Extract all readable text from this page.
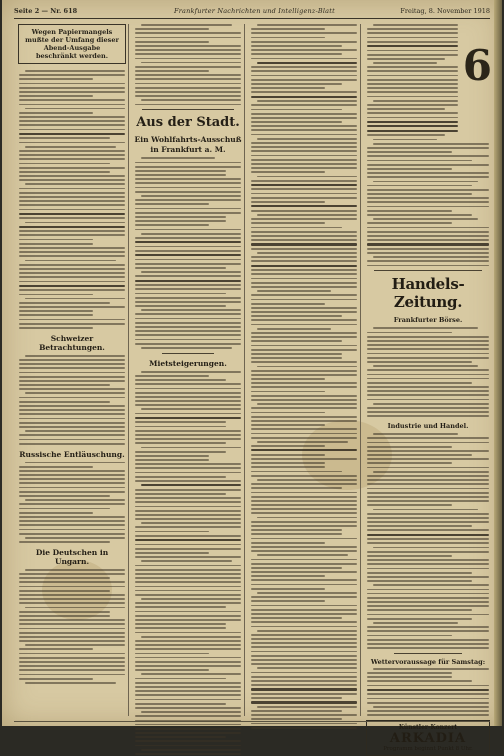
Seite 2 — Nr. 618	Frankfurter Nachrichten und Intelligenz-Blatt	Freitag, 8. November 1918
Wegen Papiermangels mußte der Umfang dieser Abend-Ausgabe beschränkt werden.
Schweizer Betrachtungen.
Russische Entläuschung.
Die Deutschen in Ungarn.
Aus der Stadt.
Ein Wohlfahrts-Ausschuß
in Frankfurt a. M.
Mietsteigerungen.
6
Handels-Zeitung.
Frankfurter Börse.
Industrie und Handel.
Wettervoraussage für Samstag:
Künstler-Konzert
ARKADIA
Programm beginnt Punkt 8 Uhr.
